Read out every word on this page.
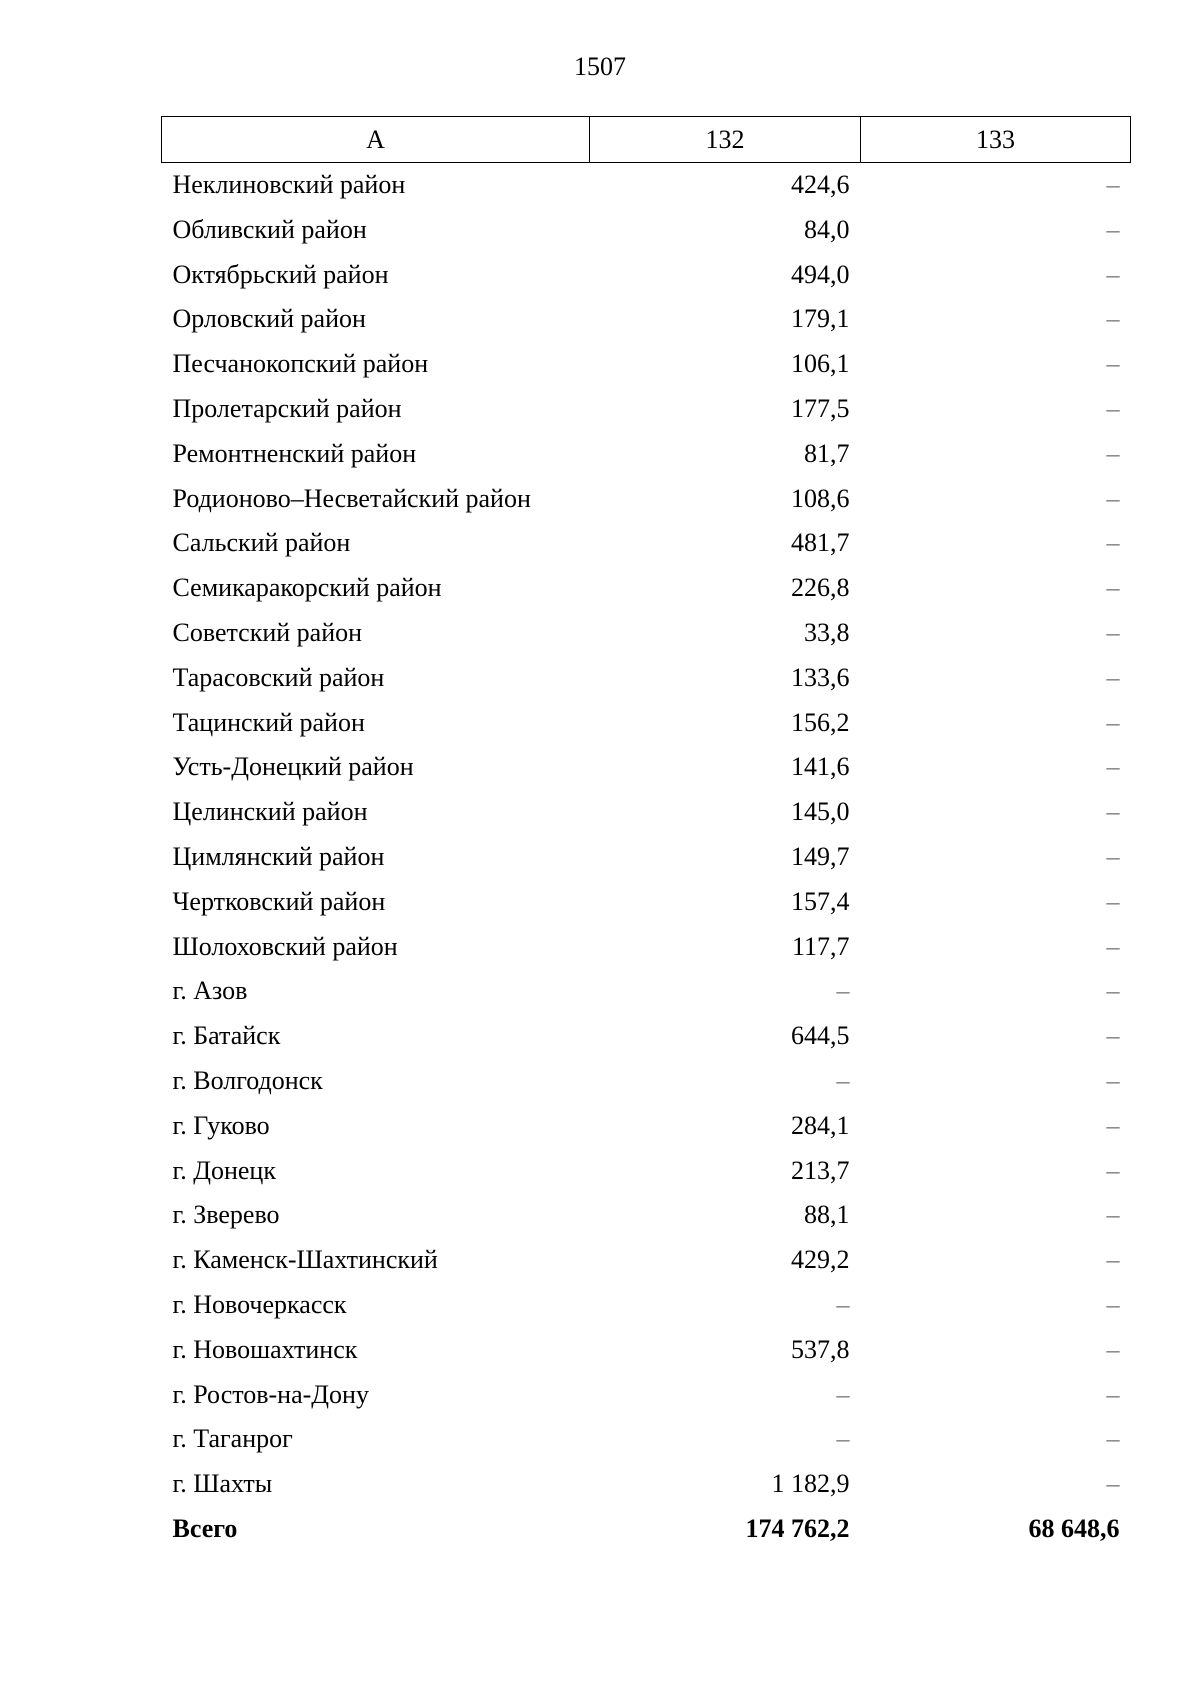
1507
А	132	133
Неклиновский район	424,6	–
Обливский район	84,0	–
Октябрьский район	494,0	–
Орловский район	179,1	–
Песчанокопский район	106,1	–
Пролетарский район	177,5	–
Ремонтненский район	81,7	–
Родионово–Несветайский район	108,6	–
Сальский район	481,7	–
Семикаракорский район	226,8	–
Советский район	33,8	–
Тарасовский район	133,6	–
Тацинский район	156,2	–
Усть-Донецкий район	141,6	–
Целинский район	145,0	–
Цимлянский район	149,7	–
Чертковский район	157,4	–
Шолоховский район	117,7	–
г. Азов	–	–
г. Батайск	644,5	–
г. Волгодонск	–	–
г. Гуково	284,1	–
г. Донецк	213,7	–
г. Зверево	88,1	–
г. Каменск-Шахтинский	429,2	–
г. Новочеркасск	–	–
г. Новошахтинск	537,8	–
г. Ростов-на-Дону	–	–
г. Таганрог	–	–
г. Шахты	1 182,9	–
Всего	174 762,2	68 648,6
